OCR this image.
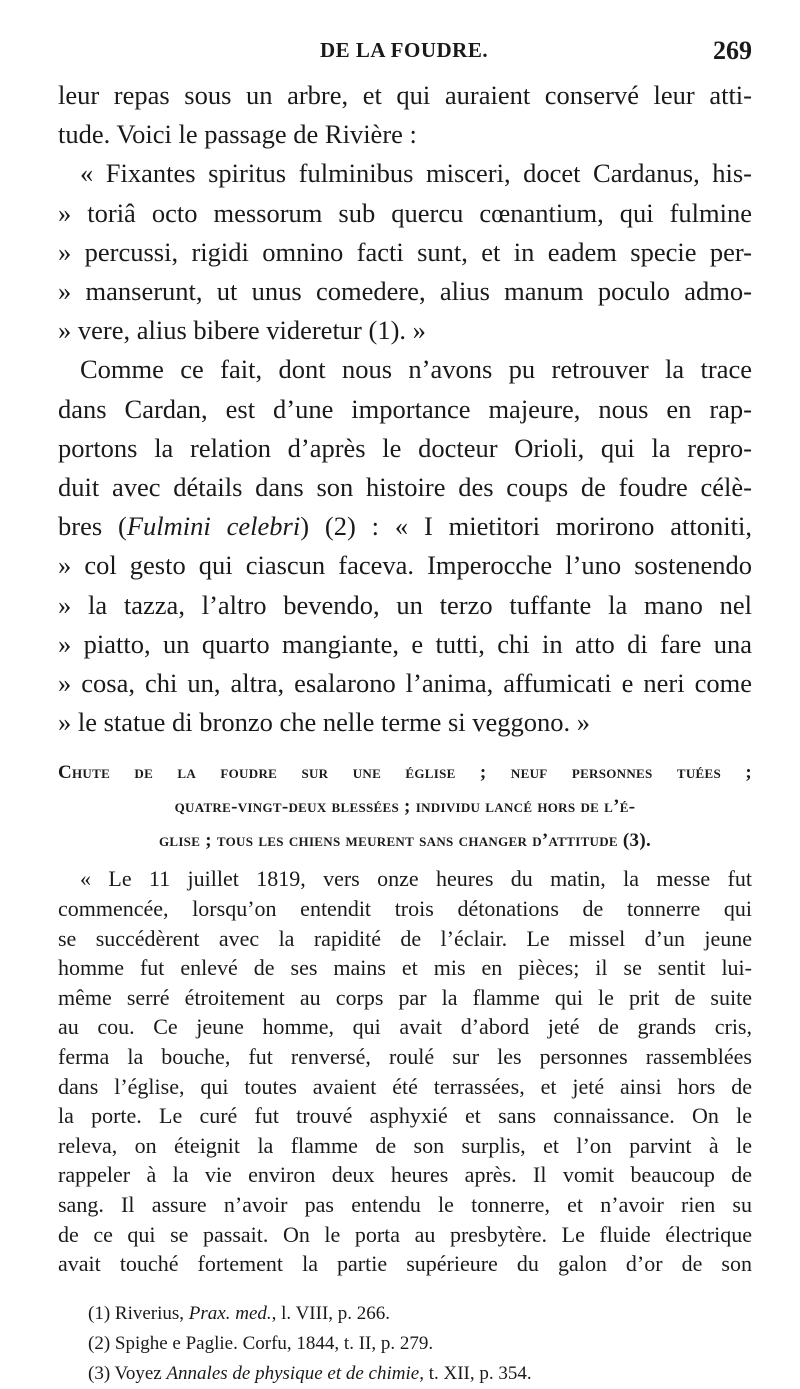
DE LA FOUDRE.	269
leur repas sous un arbre, et qui auraient conservé leur atti-
tude. Voici le passage de Rivière :
« Fixantes spiritus fulminibus misceri, docet Cardanus, his-
» toriâ octo messorum sub quercu cœnantium, qui fulmine
» percussi, rigidi omnino facti sunt, et in eadem specie per-
» manserunt, ut unus comedere, alius manum poculo admo-
» vere, alius bibere videretur (1). »
Comme ce fait, dont nous n’avons pu retrouver la trace
dans Cardan, est d’une importance majeure, nous en rap-
portons la relation d’après le docteur Orioli, qui la repro-
duit avec détails dans son histoire des coups de foudre célè-
bres (Fulmini celebri) (2) : « I mietitori morirono attoniti,
» col gesto qui ciascun faceva. Imperocche l’uno sostenendo
» la tazza, l’altro bevendo, un terzo tuffante la mano nel
» piatto, un quarto mangiante, e tutti, chi in atto di fare una
» cosa, chi un, altra, esalarono l’anima, affumicati e neri come
» le statue di bronzo che nelle terme si veggono. »
Chute de la foudre sur une église ; neuf personnes tuées ;
quatre-vingt-deux blessées ; individu lancé hors de l’é-
glise ; tous les chiens meurent sans changer d’attitude (3).
« Le 11 juillet 1819, vers onze heures du matin, la messe fut
commencée, lorsqu’on entendit trois détonations de tonnerre qui
se succédèrent avec la rapidité de l’éclair. Le missel d’un jeune
homme fut enlevé de ses mains et mis en pièces; il se sentit lui-
même serré étroitement au corps par la flamme qui le prit de suite
au cou. Ce jeune homme, qui avait d’abord jeté de grands cris,
ferma la bouche, fut renversé, roulé sur les personnes rassemblées
dans l’église, qui toutes avaient été terrassées, et jeté ainsi hors de
la porte. Le curé fut trouvé asphyxié et sans connaissance. On le
releva, on éteignit la flamme de son surplis, et l’on parvint à le
rappeler à la vie environ deux heures après. Il vomit beaucoup de
sang. Il assure n’avoir pas entendu le tonnerre, et n’avoir rien su
de ce qui se passait. On le porta au presbytère. Le fluide électrique
avait touché fortement la partie supérieure du galon d’or de son
(1) Riverius, Prax. med., l. VIII, p. 266.
(2) Spighe e Paglie. Corfu, 1844, t. II, p. 279.
(3) Voyez Annales de physique et de chimie, t. XII, p. 354.
